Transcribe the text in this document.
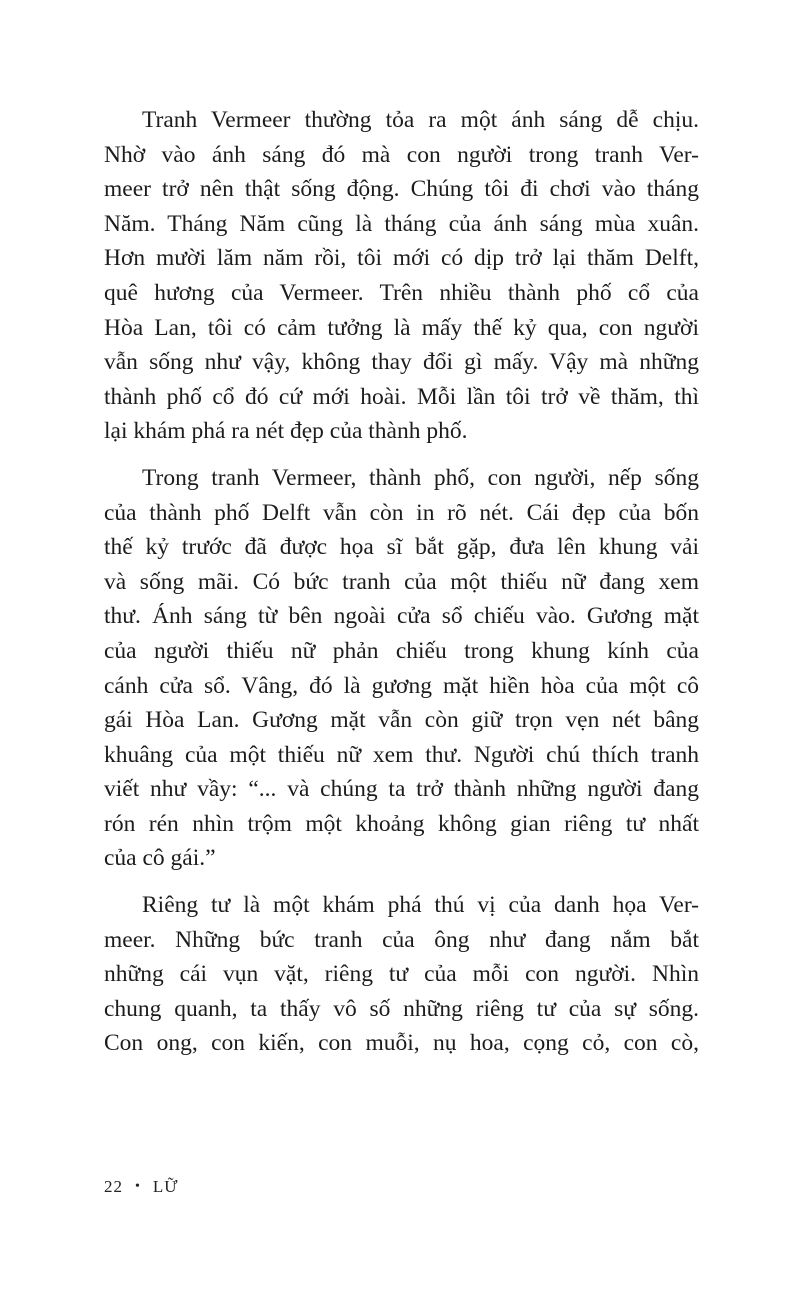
Tranh Vermeer thường tỏa ra một ánh sáng dễ chịu.
Nhờ vào ánh sáng đó mà con người trong tranh Ver-
meer trở nên thật sống động. Chúng tôi đi chơi vào tháng
Năm. Tháng Năm cũng là tháng của ánh sáng mùa xuân.
Hơn mười lăm năm rồi, tôi mới có dịp trở lại thăm Delft,
quê hương của Vermeer. Trên nhiều thành phố cổ của
Hòa Lan, tôi có cảm tưởng là mấy thế kỷ qua, con người
vẫn sống như vậy, không thay đổi gì mấy. Vậy mà những
thành phố cổ đó cứ mới hoài. Mỗi lần tôi trở về thăm, thì
lại khám phá ra nét đẹp của thành phố.

Trong tranh Vermeer, thành phố, con người, nếp sống
của thành phố Delft vẫn còn in rõ nét. Cái đẹp của bốn
thế kỷ trước đã được họa sĩ bắt gặp, đưa lên khung vải
và sống mãi. Có bức tranh của một thiếu nữ đang xem
thư. Ánh sáng từ bên ngoài cửa sổ chiếu vào. Gương mặt
của người thiếu nữ phản chiếu trong khung kính của
cánh cửa sổ. Vâng, đó là gương mặt hiền hòa của một cô
gái Hòa Lan. Gương mặt vẫn còn giữ trọn vẹn nét bâng
khuâng của một thiếu nữ xem thư. Người chú thích tranh
viết như vầy: “... và chúng ta trở thành những người đang
rón rén nhìn trộm một khoảng không gian riêng tư nhất
của cô gái.”

Riêng tư là một khám phá thú vị của danh họa Ver-
meer. Những bức tranh của ông như đang nắm bắt
những cái vụn vặt, riêng tư của mỗi con người. Nhìn
chung quanh, ta thấy vô số những riêng tư của sự sống.
Con ong, con kiến, con muỗi, nụ hoa, cọng cỏ, con cò,

22 • LỮ
